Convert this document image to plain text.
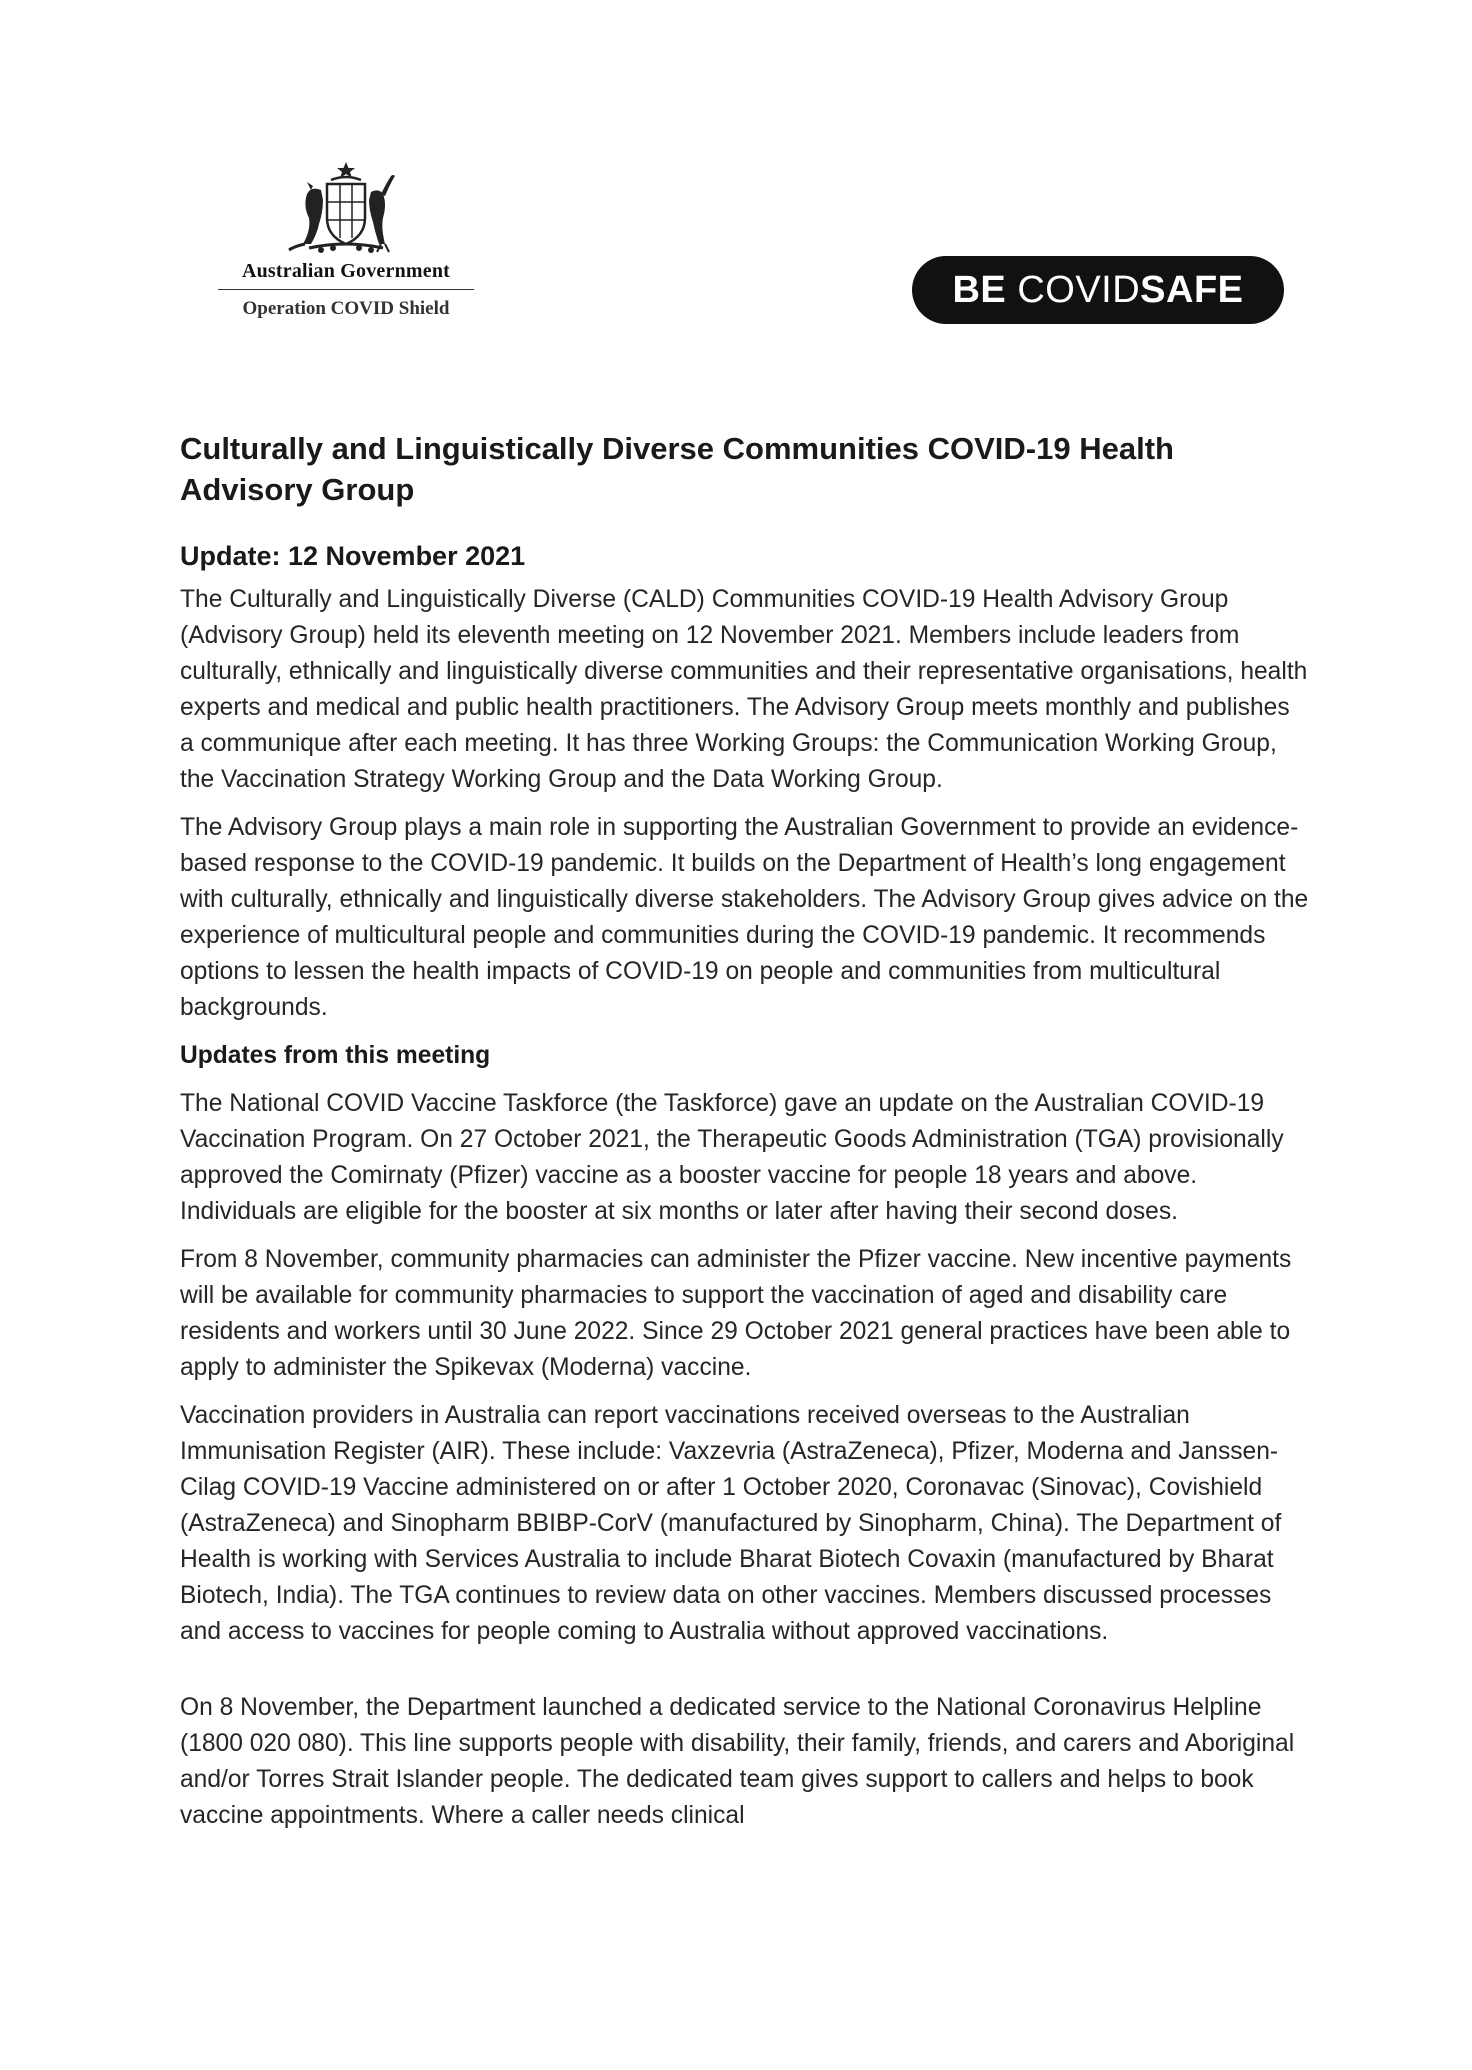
Australian Government
Operation COVID Shield	BE COVIDSAFE
Culturally and Linguistically Diverse Communities COVID-19 Health Advisory Group
Update: 12 November 2021

The Culturally and Linguistically Diverse (CALD) Communities COVID-19 Health Advisory Group (Advisory Group) held its eleventh meeting on 12 November 2021. Members include leaders from culturally, ethnically and linguistically diverse communities and their representative organisations, health experts and medical and public health practitioners. The Advisory Group meets monthly and publishes a communique after each meeting. It has three Working Groups: the Communication Working Group, the Vaccination Strategy Working Group and the Data Working Group.

The Advisory Group plays a main role in supporting the Australian Government to provide an evidence-based response to the COVID-19 pandemic. It builds on the Department of Health’s long engagement with culturally, ethnically and linguistically diverse stakeholders. The Advisory Group gives advice on the experience of multicultural people and communities during the COVID-19 pandemic. It recommends options to lessen the health impacts of COVID-19 on people and communities from multicultural backgrounds.

Updates from this meeting

The National COVID Vaccine Taskforce (the Taskforce) gave an update on the Australian COVID-19 Vaccination Program. On 27 October 2021, the Therapeutic Goods Administration (TGA) provisionally approved the Comirnaty (Pfizer) vaccine as a booster vaccine for people 18 years and above. Individuals are eligible for the booster at six months or later after having their second doses.

From 8 November, community pharmacies can administer the Pfizer vaccine. New incentive payments will be available for community pharmacies to support the vaccination of aged and disability care residents and workers until 30 June 2022. Since 29 October 2021 general practices have been able to apply to administer the Spikevax (Moderna) vaccine.

Vaccination providers in Australia can report vaccinations received overseas to the Australian Immunisation Register (AIR). These include: Vaxzevria (AstraZeneca), Pfizer, Moderna and Janssen-Cilag COVID-19 Vaccine administered on or after 1 October 2020, Coronavac (Sinovac), Covishield (AstraZeneca) and Sinopharm BBIBP-CorV (manufactured by Sinopharm, China). The Department of Health is working with Services Australia to include Bharat Biotech Covaxin (manufactured by Bharat Biotech, India). The TGA continues to review data on other vaccines. Members discussed processes and access to vaccines for people coming to Australia without approved vaccinations.

On 8 November, the Department launched a dedicated service to the National Coronavirus Helpline (1800 020 080). This line supports people with disability, their family, friends, and carers and Aboriginal and/or Torres Strait Islander people. The dedicated team gives support to callers and helps to book vaccine appointments. Where a caller needs clinical
